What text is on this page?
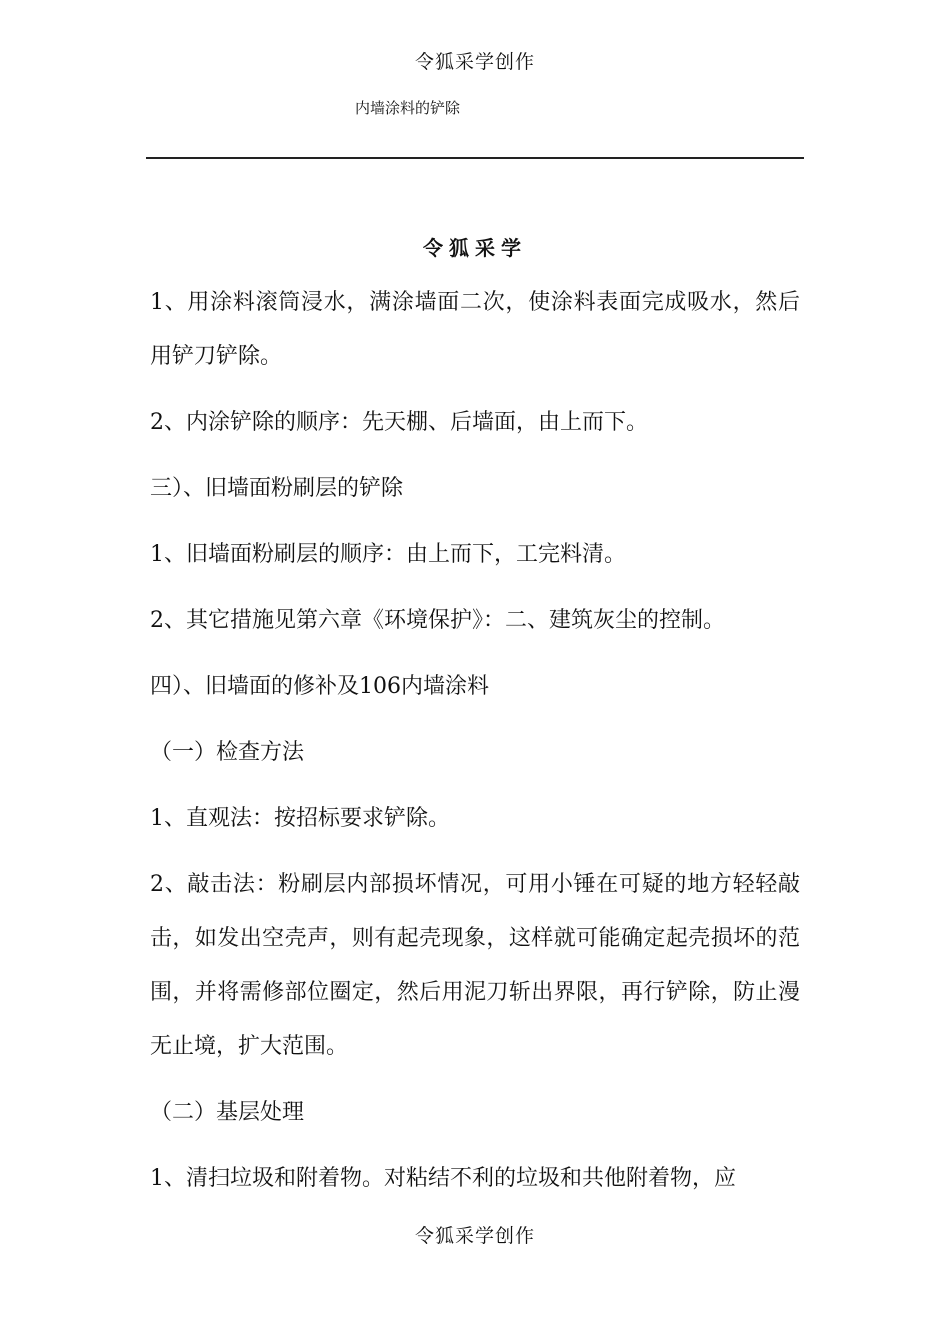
令狐采学创作
内墙涂料的铲除
令狐采学

1、用涂料滚筒浸水，满涂墙面二次，使涂料表面完成吸水，然后用铲刀铲除。

2、内涂铲除的顺序：先天棚、后墙面，由上而下。

三）、旧墙面粉刷层的铲除

1、旧墙面粉刷层的顺序：由上而下，工完料清。

2、其它措施见第六章《环境保护》：二、建筑灰尘的控制。

四）、旧墙面的修补及106内墙涂料

（一）检查方法

1、直观法：按招标要求铲除。

2、敲击法：粉刷层内部损坏情况，可用小锤在可疑的地方轻轻敲击，如发出空壳声，则有起壳现象，这样就可能确定起壳损坏的范围，并将需修部位圈定，然后用泥刀斩出界限，再行铲除，防止漫无止境，扩大范围。

（二）基层处理

1、清扫垃圾和附着物。对粘结不利的垃圾和共他附着物，应

令狐采学创作
